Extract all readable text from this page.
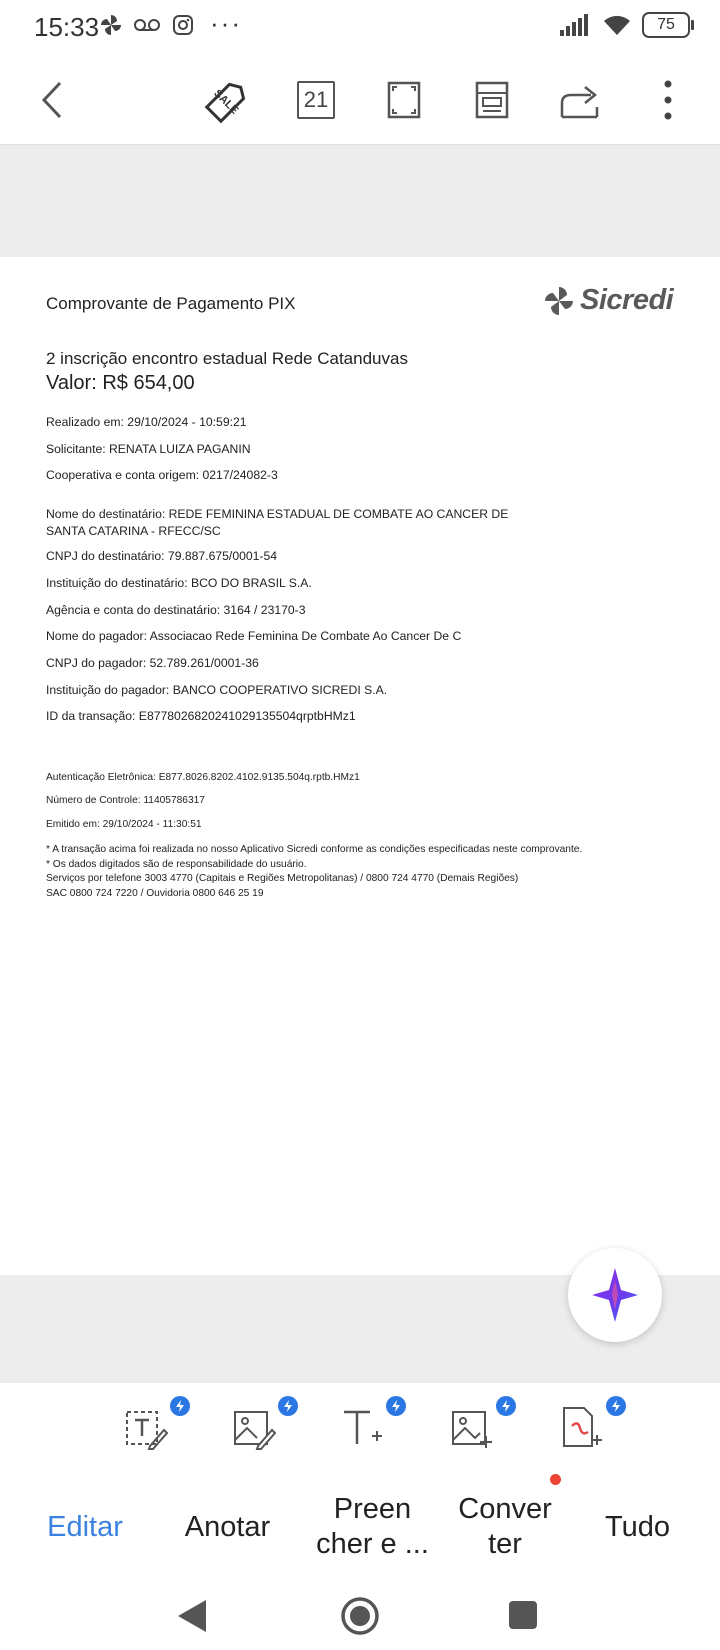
15:33	···	75
SALE	21
Comprovante de Pagamento PIX	Sicredi
2 inscrição encontro estadual Rede Catanduvas
Valor: R$ 654,00
Realizado em: 29/10/2024 - 10:59:21
Solicitante: RENATA LUIZA PAGANIN
Cooperativa e conta origem: 0217/24082-3
Nome do destinatário: REDE FEMININA ESTADUAL DE COMBATE AO CANCER DE SANTA CATARINA - RFECC/SC
CNPJ do destinatário: 79.887.675/0001-54
Instituição do destinatário: BCO DO BRASIL S.A.
Agência e conta do destinatário: 3164 / 23170-3
Nome do pagador: Associacao Rede Feminina De Combate Ao Cancer De C
CNPJ do pagador: 52.789.261/0001-36
Instituição do pagador: BANCO COOPERATIVO SICREDI S.A.
ID da transação: E87780268202410291355​04qrptbHMz1
Autenticação Eletrônica: E877.8026.8202.4102.9135.504q.rptb.HMz1
Número de Controle: 11405786317
Emitido em: 29/10/2024 - 11:30:51
* A transação acima foi realizada no nosso Aplicativo Sicredi conforme as condições especificadas neste comprovante.
* Os dados digitados são de responsabilidade do usuário.
Serviços por telefone 3003 4770 (Capitais e Regiões Metropolitanas) / 0800 724 4770 (Demais Regiões)
SAC 0800 724 7220 / Ouvidoria 0800 646 25 19
Editar	Anotar
Preen cher e ...
Conver ter
Tudo
